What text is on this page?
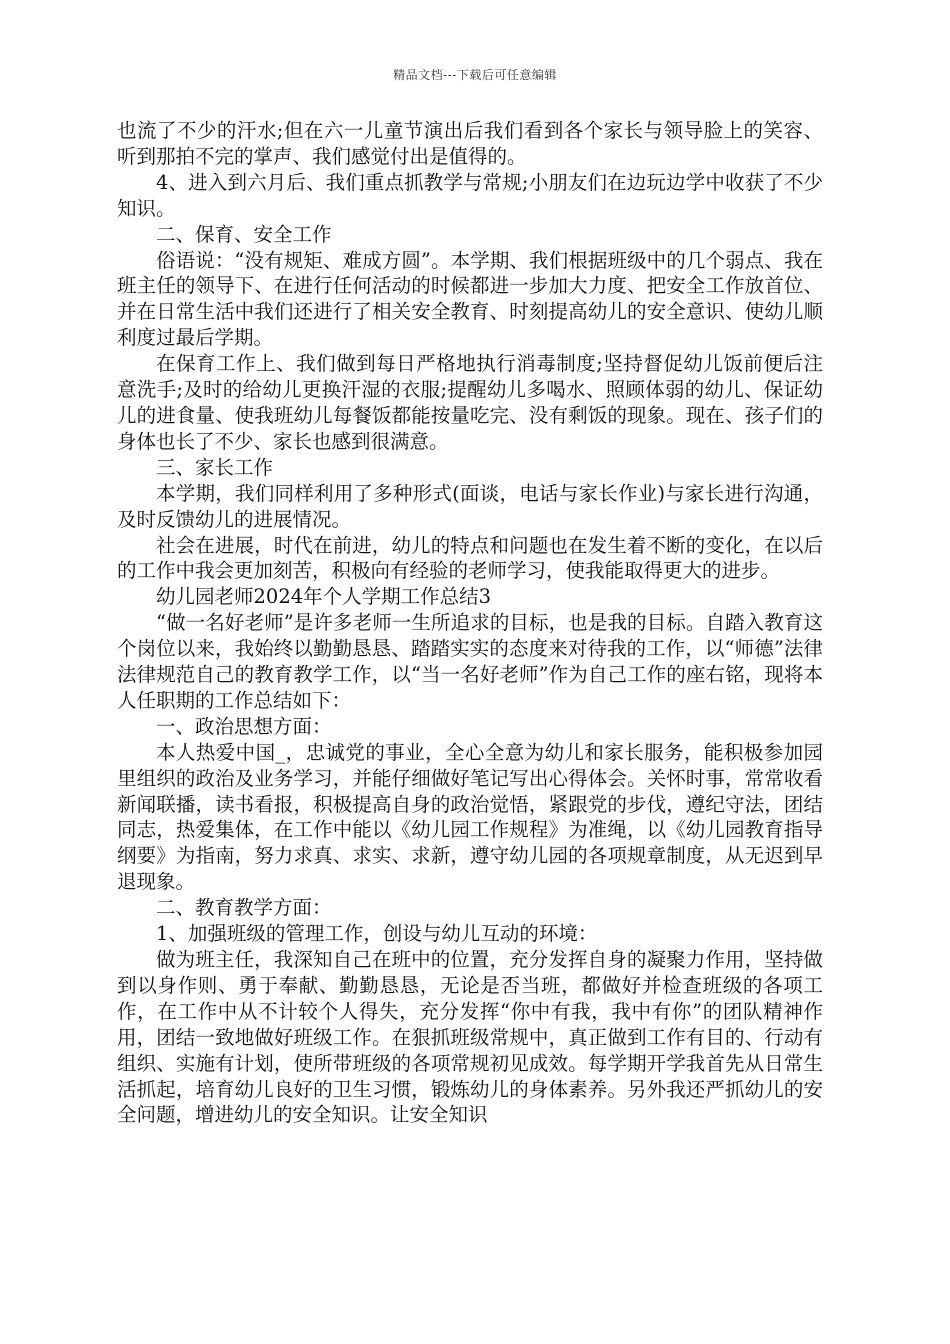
精品文档---下载后可任意编辑

也流了不少的汗水;但在六一儿童节演出后我们看到各个家长与领导脸上的笑容、听到那拍不完的掌声、我们感觉付出是值得的。

4、进入到六月后、我们重点抓教学与常规;小朋友们在边玩边学中收获了不少知识。

二、保育、安全工作

俗语说：“没有规矩、难成方圆”。本学期、我们根据班级中的几个弱点、我在班主任的领导下、在进行任何活动的时候都进一步加大力度、把安全工作放首位、并在日常生活中我们还进行了相关安全教育、时刻提高幼儿的安全意识、使幼儿顺利度过最后学期。

在保育工作上、我们做到每日严格地执行消毒制度;坚持督促幼儿饭前便后注意洗手;及时的给幼儿更换汗湿的衣服;提醒幼儿多喝水、照顾体弱的幼儿、保证幼儿的进食量、使我班幼儿每餐饭都能按量吃完、没有剩饭的现象。现在、孩子们的身体也长了不少、家长也感到很满意。

三、家长工作

本学期，我们同样利用了多种形式(面谈，电话与家长作业)与家长进行沟通，及时反馈幼儿的进展情况。

社会在进展，时代在前进，幼儿的特点和问题也在发生着不断的变化，在以后的工作中我会更加刻苦，积极向有经验的老师学习，使我能取得更大的进步。

幼儿园老师2024年个人学期工作总结3

“做一名好老师”是许多老师一生所追求的目标，也是我的目标。自踏入教育这个岗位以来，我始终以勤勤恳恳、踏踏实实的态度来对待我的工作，以“师德”法律法律规范自己的教育教学工作，以“当一名好老师”作为自己工作的座右铭，现将本人任职期的工作总结如下：

一、政治思想方面：

本人热爱中国_，忠诚党的事业，全心全意为幼儿和家长服务，能积极参加园里组织的政治及业务学习，并能仔细做好笔记写出心得体会。关怀时事，常常收看新闻联播，读书看报，积极提高自身的政治觉悟，紧跟党的步伐，遵纪守法，团结同志，热爱集体，在工作中能以《幼儿园工作规程》为准绳，以《幼儿园教育指导纲要》为指南，努力求真、求实、求新，遵守幼儿园的各项规章制度，从无迟到早退现象。

二、教育教学方面：

1、加强班级的管理工作，创设与幼儿互动的环境：

做为班主任，我深知自己在班中的位置，充分发挥自身的凝聚力作用，坚持做到以身作则、勇于奉献、勤勤恳恳，无论是否当班，都做好并检查班级的各项工作，在工作中从不计较个人得失，充分发挥“你中有我，我中有你”的团队精神作用，团结一致地做好班级工作。在狠抓班级常规中，真正做到工作有目的、行动有组织、实施有计划，使所带班级的各项常规初见成效。每学期开学我首先从日常生活抓起，培育幼儿良好的卫生习惯，锻炼幼儿的身体素养。另外我还严抓幼儿的安全问题，增进幼儿的安全知识。让安全知识
